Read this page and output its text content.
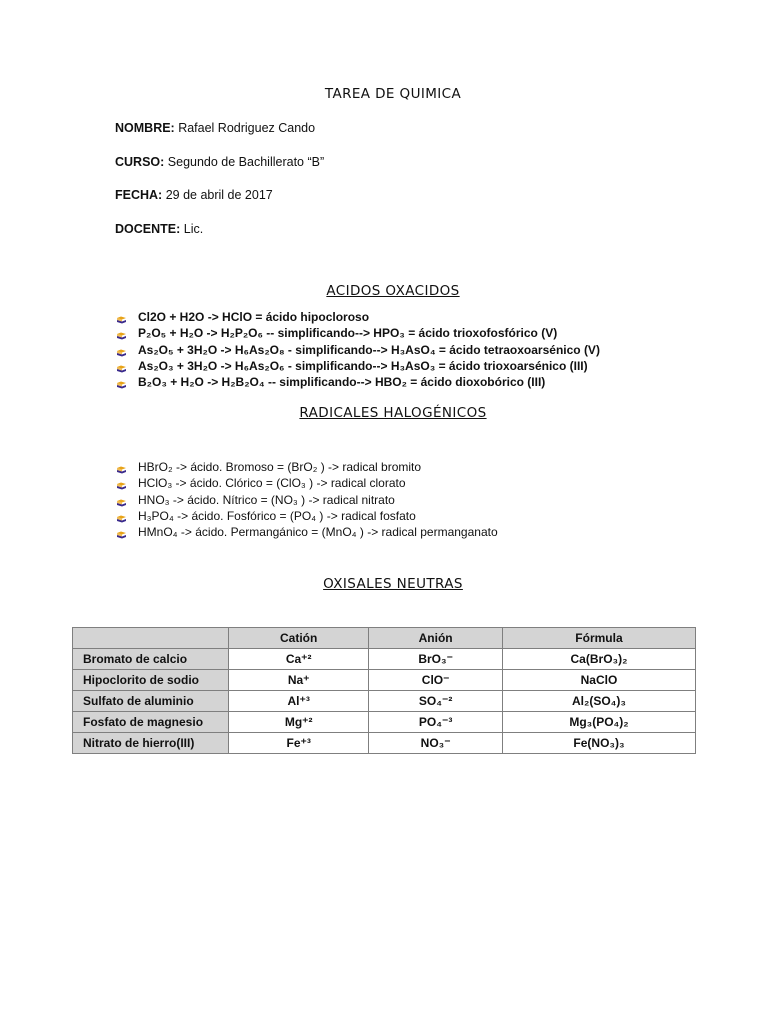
TAREA DE QUIMICA
NOMBRE: Rafael Rodriguez Cando
CURSO: Segundo de Bachillerato “B”
FECHA: 29 de abril de 2017
DOCENTE: Lic.
ACIDOS OXACIDOS
Cl2O + H2O -> HClO = ácido hipocloroso
P₂O₅ + H₂O -> H₂P₂O₆ -- simplificando--> HPO₃ = ácido trioxofosfórico (V)
As₂O₅ + 3H₂O -> H₆As₂O₈ - simplificando--> H₃AsO₄ = ácido tetraoxoarsénico (V)
As₂O₃ + 3H₂O -> H₆As₂O₆ - simplificando--> H₃AsO₃ = ácido trioxoarsénico (III)
B₂O₃ + H₂O -> H₂B₂O₄ -- simplificando--> HBO₂ = ácido dioxobórico (III)
RADICALES HALOGÉNICOS
HBrO₂ -> ácido. Bromoso = (BrO₂ ) -> radical bromito
HClO₃ -> ácido. Clórico = (ClO₃ ) -> radical clorato
HNO₃ -> ácido. Nítrico = (NO₃ ) -> radical nitrato
H₃PO₄ -> ácido. Fosfórico = (PO₄ ) -> radical fosfato
HMnO₄ -> ácido. Permangánico = (MnO₄ ) -> radical permanganato
OXISALES NEUTRAS
	Catión	Anión	Fórmula
Bromato de calcio	Ca⁺²	BrO₃⁻	Ca(BrO₃)₂
Hipoclorito de sodio	Na⁺	ClO⁻	NaClO
Sulfato de aluminio	Al⁺³	SO₄⁻²	Al₂(SO₄)₃
Fosfato de magnesio	Mg⁺²	PO₄⁻³	Mg₃(PO₄)₂
Nitrato de hierro(III)	Fe⁺³	NO₃⁻	Fe(NO₃)₃
